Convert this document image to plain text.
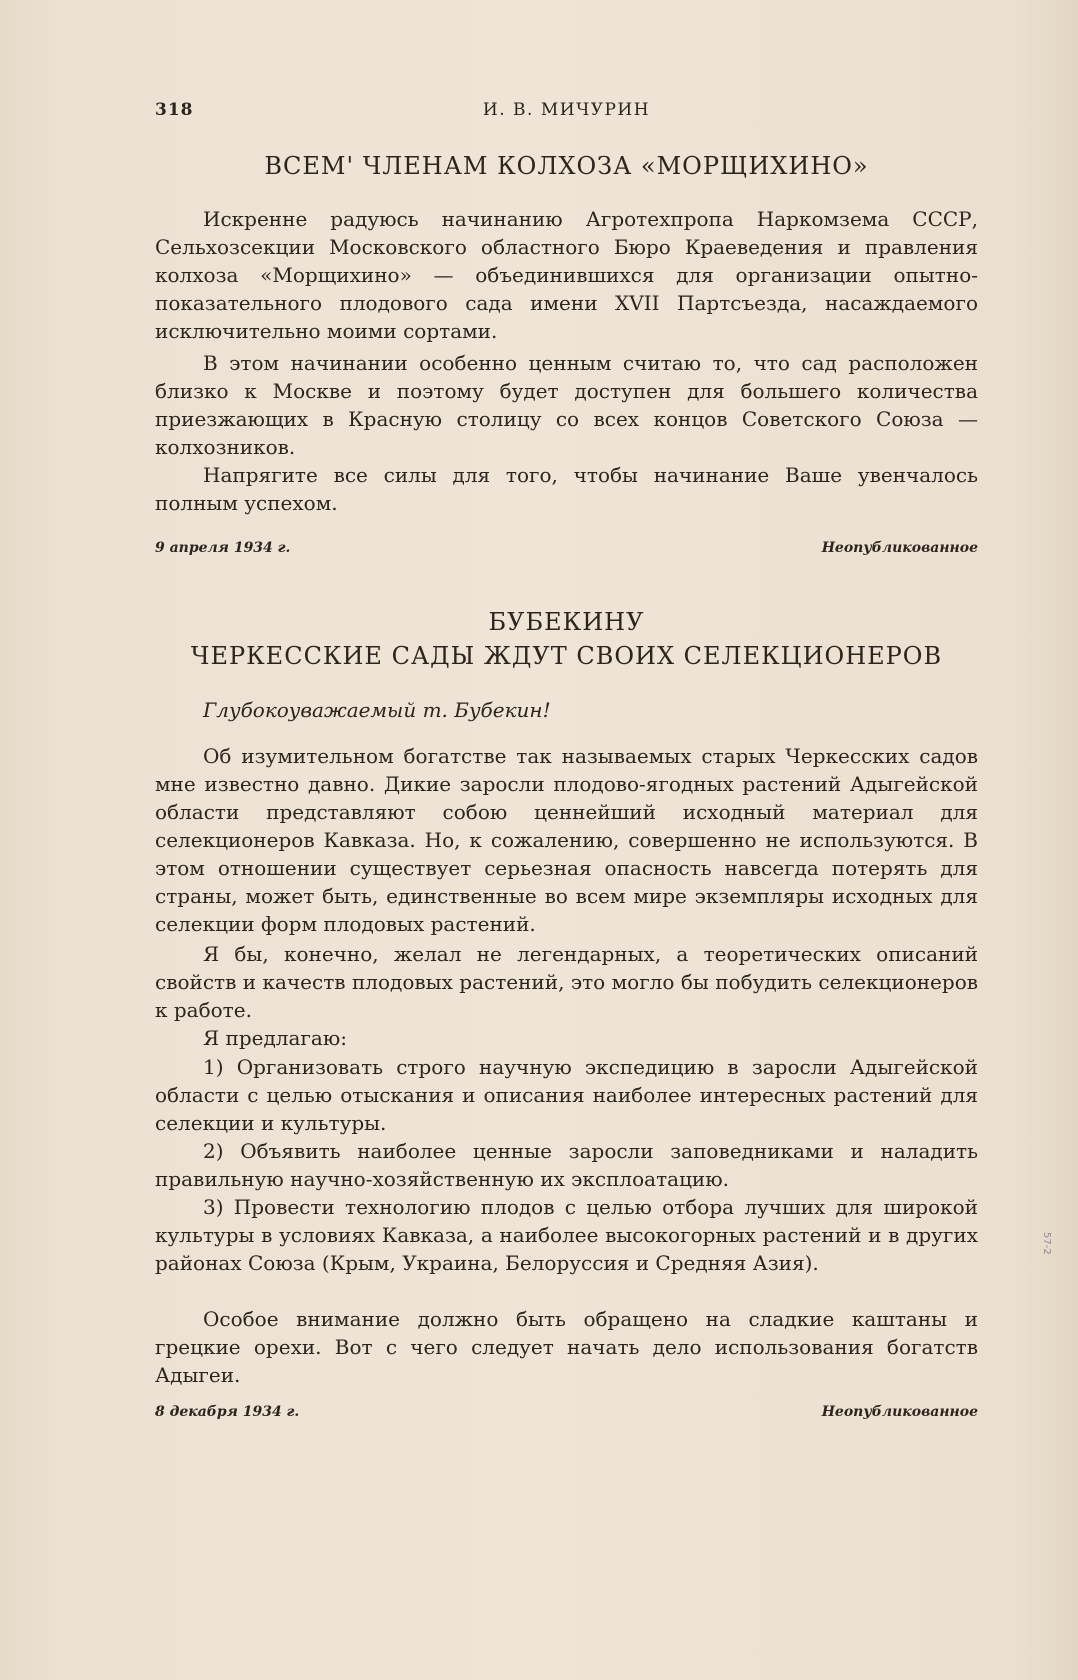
318	И. В. МИЧУРИН
ВСЕМ' ЧЛЕНАМ КОЛХОЗА «МОРЩИХИНО»

Искренне радуюсь начинанию Агротехпропа Наркомзема СССР, Сельхозсекции Московского областного Бюро Краеведения и правления колхоза «Морщихино» — объединившихся для организации опытно-показательного плодового сада имени XVII Партсъезда, насаждаемого исключительно моими сортами.

В этом начинании особенно ценным считаю то, что сад расположен близко к Москве и поэтому будет доступен для большего количества приезжающих в Красную столицу со всех концов Советского Союза — колхозников.

Напрягите все силы для того, чтобы начинание Ваше увенчалось полным успехом.

9 апреля 1934 г.	Неопубликованное
БУБЕКИНУ
ЧЕРКЕССКИЕ САДЫ ЖДУТ СВОИХ СЕЛЕКЦИОНЕРОВ
Глубокоуважаемый т. Бубекин!

Об изумительном богатстве так называемых старых Черкесских садов мне известно давно. Дикие заросли плодово-ягодных растений Адыгейской области представляют собою ценнейший исходный материал для селекционеров Кавказа. Но, к сожалению, совершенно не используются. В этом отношении существует серьезная опасность навсегда потерять для страны, может быть, единственные во всем мире экземпляры исходных для селекции форм плодовых растений.

Я бы, конечно, желал не легендарных, а теоретических описаний свойств и качеств плодовых растений, это могло бы побудить селекционеров к работе.

Я предлагаю:

1) Организовать строго научную экспедицию в заросли Адыгейской области с целью отыскания и описания наиболее интересных растений для селекции и культуры.

2) Объявить наиболее ценные заросли заповедниками и наладить правильную научно-хозяйственную их эксплоатацию.

3) Провести технологию плодов с целью отбора лучших для широкой культуры в условиях Кавказа, а наиболее высокогорных растений и в других районах Союза (Крым, Украина, Белоруссия и Средняя Азия).

Особое внимание должно быть обращено на сладкие каштаны и грецкие орехи. Вот с чего следует начать дело использования богатств Адыгеи.

8 декабря 1934 г.	Неопубликованное
57-2
